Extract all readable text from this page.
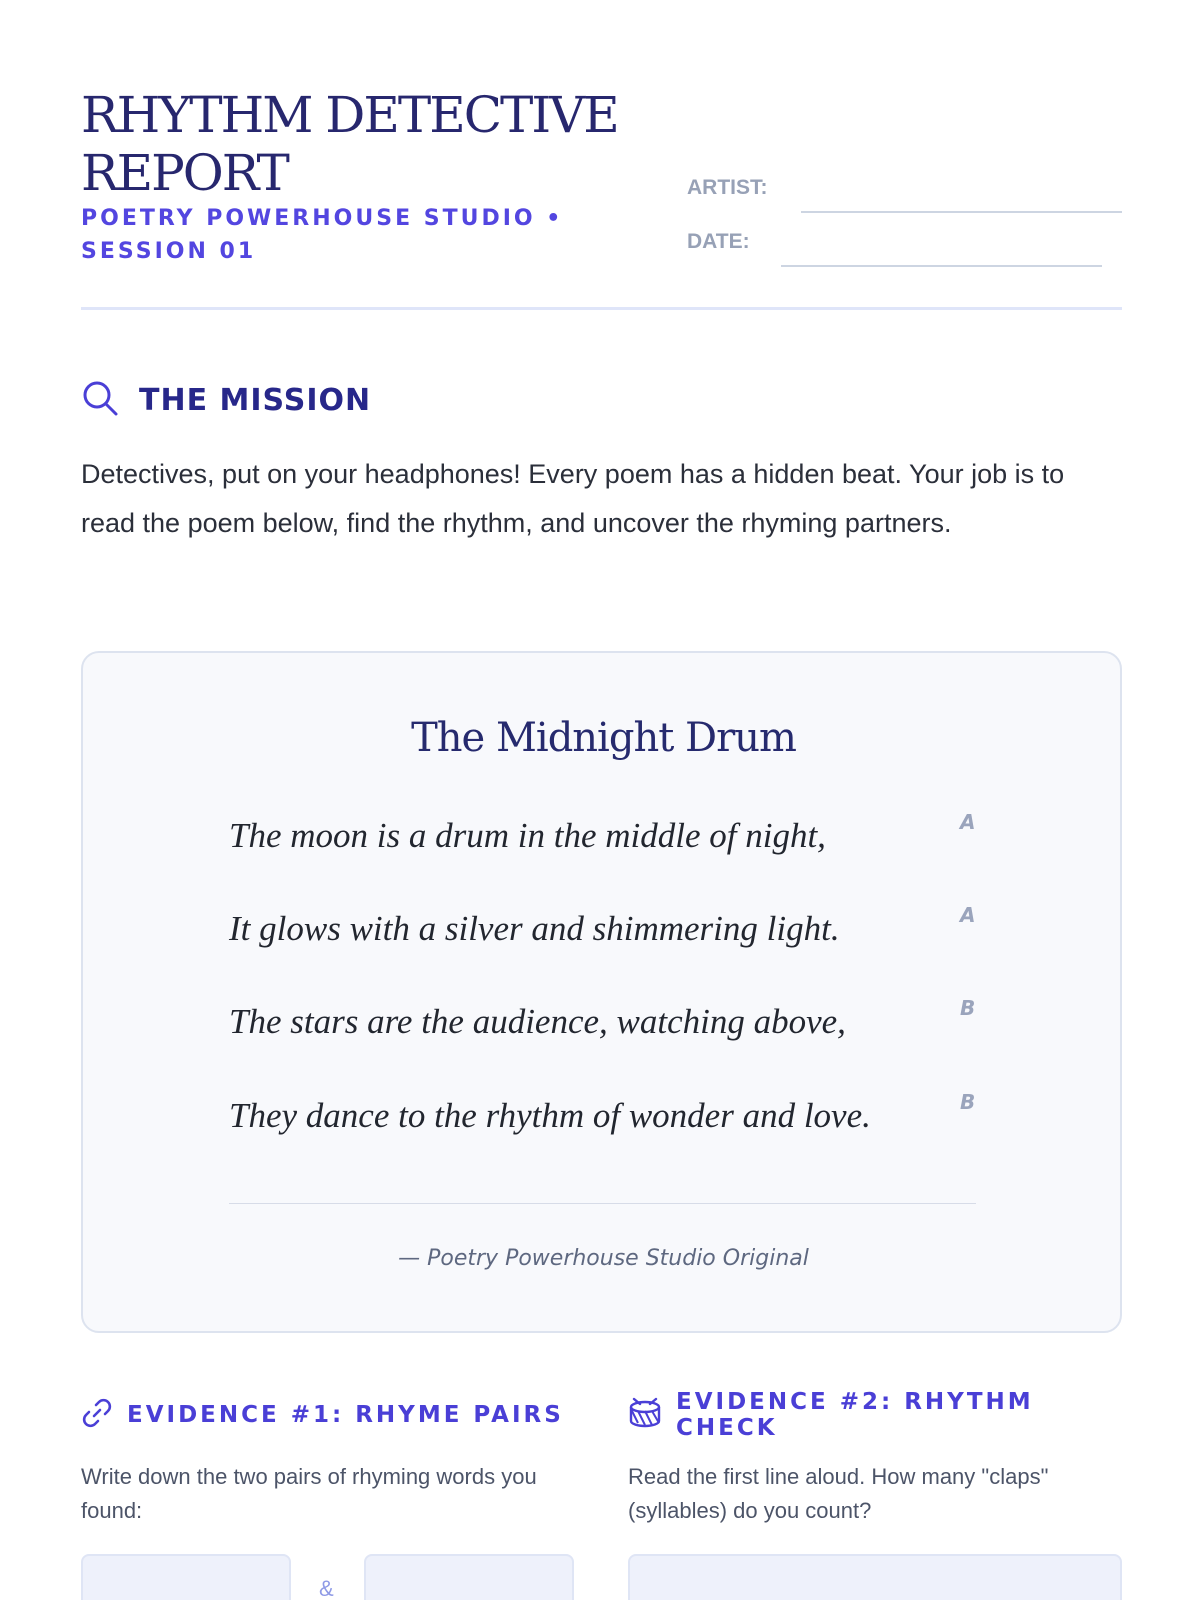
RHYTHM DETECTIVE REPORT
POETRY POWERHOUSE STUDIO • SESSION 01
ARTIST:
DATE:
THE MISSION

Detectives, put on your headphones! Every poem has a hidden beat. Your job is to read the poem below, find the rhythm, and uncover the rhyming partners.

The Midnight Drum
The moon is a drum in the middle of night,	A
It glows with a silver and shimmering light.	A
The stars are the audience, watching above,	B
They dance to the rhythm of wonder and love.	B
— Poetry Powerhouse Studio Original
EVIDENCE #1: RHYME PAIRS

Write down the two pairs of rhyming words you found:

&
EVIDENCE #2: RHYTHM CHECK

Read the first line aloud. How many "claps" (syllables) do you count?
